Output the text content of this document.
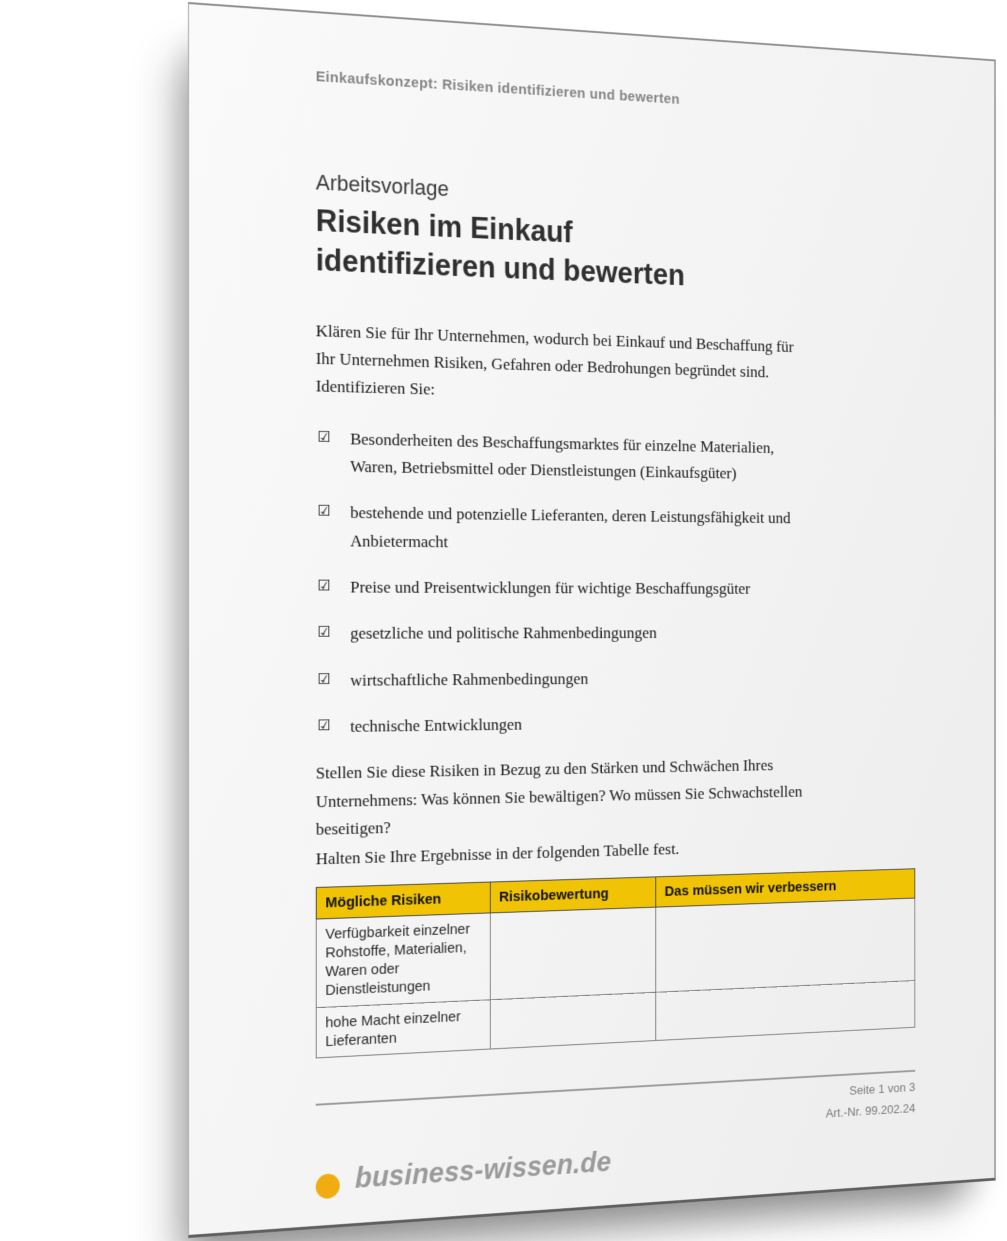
Einkaufskonzept: Risiken identifizieren und bewerten
Arbeitsvorlage
Risiken im Einkauf identifizieren und bewerten

Klären Sie für Ihr Unternehmen, wodurch bei Einkauf und Beschaffung für Ihr Unternehmen Risiken, Gefahren oder Bedrohungen begründet sind. Identifizieren Sie:

☑ Besonderheiten des Beschaffungsmarktes für einzelne Materialien, Waren, Betriebsmittel oder Dienstleistungen (Einkaufsgüter)
☑ bestehende und potenzielle Lieferanten, deren Leistungsfähigkeit und Anbietermacht
☑ Preise und Preisentwicklungen für wichtige Beschaffungsgüter
☑ gesetzliche und politische Rahmenbedingungen
☑ wirtschaftliche Rahmenbedingungen
☑ technische Entwicklungen

Stellen Sie diese Risiken in Bezug zu den Stärken und Schwächen Ihres Unternehmens: Was können Sie bewältigen? Wo müssen Sie Schwachstellen beseitigen?

Halten Sie Ihre Ergebnisse in der folgenden Tabelle fest.

Mögliche Risiken	Risikobewertung	Das müssen wir verbessern
Verfügbarkeit einzelner Rohstoffe, Materialien, Waren oder Dienstleistungen		
hohe Macht einzelner Lieferanten		
Seite 1 von 3
Art.-Nr. 99.202.24
business-wissen.de
